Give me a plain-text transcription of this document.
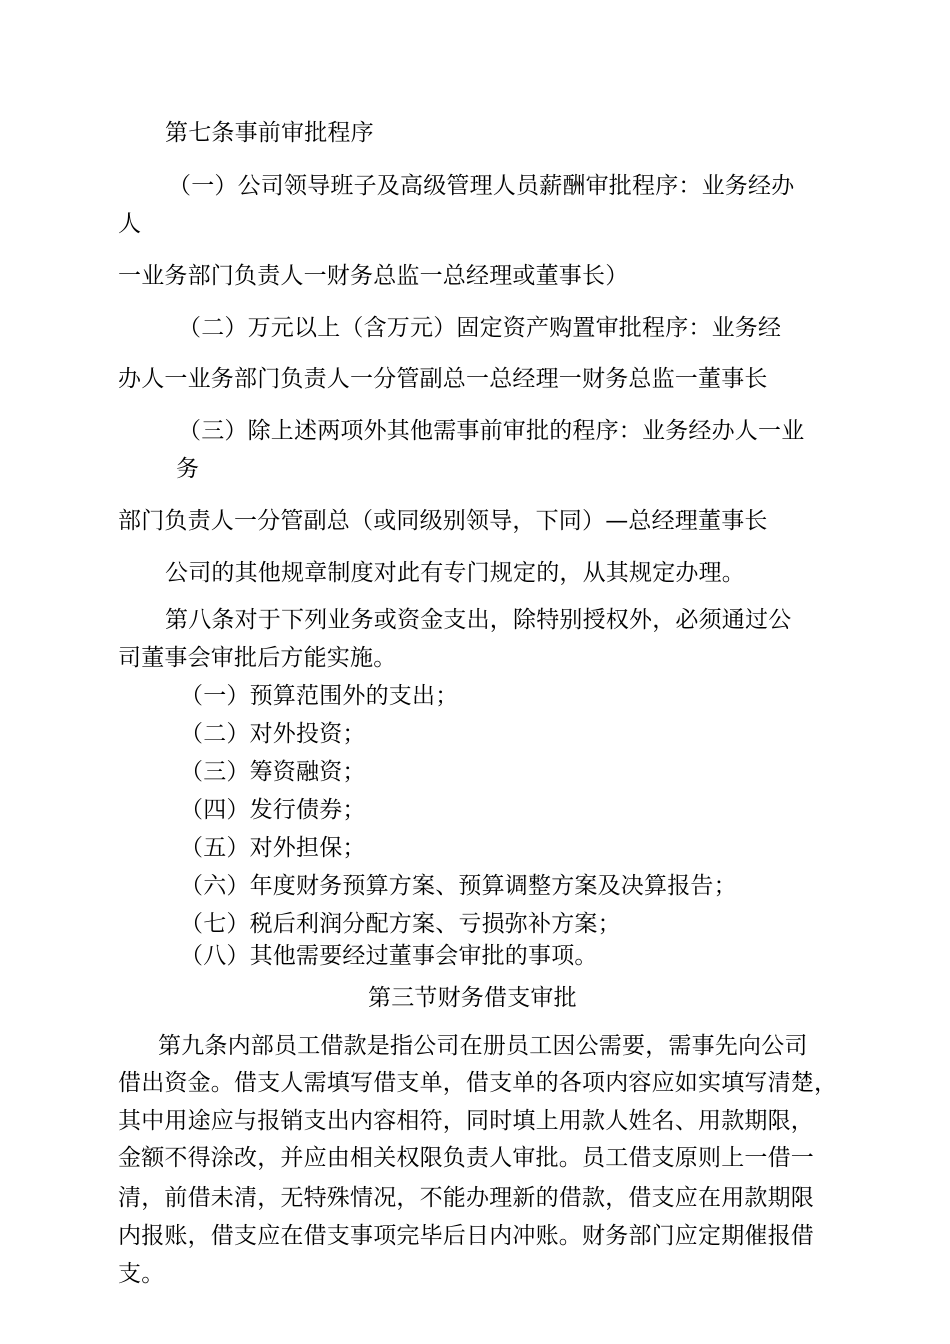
第七条事前审批程序
（一）公司领导班子及高级管理人员薪酬审批程序：业务经办
人
一业务部门负责人一财务总监一总经理或董事长）
（二）万元以上（含万元）固定资产购置审批程序：业务经
办人一业务部门负责人一分管副总一总经理一财务总监一董事长
（三）除上述两项外其他需事前审批的程序：业务经办人一业
务
部门负责人一分管副总（或同级别领导，下同）—总经理董事长
公司的其他规章制度对此有专门规定的，从其规定办理。
第八条对于下列业务或资金支出，除特别授权外，必须通过公
司董事会审批后方能实施。
（一）预算范围外的支出；
（二）对外投资；
（三）筹资融资；
（四）发行债券；
（五）对外担保；
（六）年度财务预算方案、预算调整方案及决算报告；
（七）税后利润分配方案、亏损弥补方案；
（八）其他需要经过董事会审批的事项。
第三节财务借支审批
第九条内部员工借款是指公司在册员工因公需要，需事先向公司
借出资金。借支人需填写借支单，借支单的各项内容应如实填写清楚，
其中用途应与报销支出内容相符，同时填上用款人姓名、用款期限，
金额不得涂改，并应由相关权限负责人审批。员工借支原则上一借一
清，前借未清，无特殊情况，不能办理新的借款，借支应在用款期限
内报账，借支应在借支事项完毕后日内冲账。财务部门应定期催报借
支。
